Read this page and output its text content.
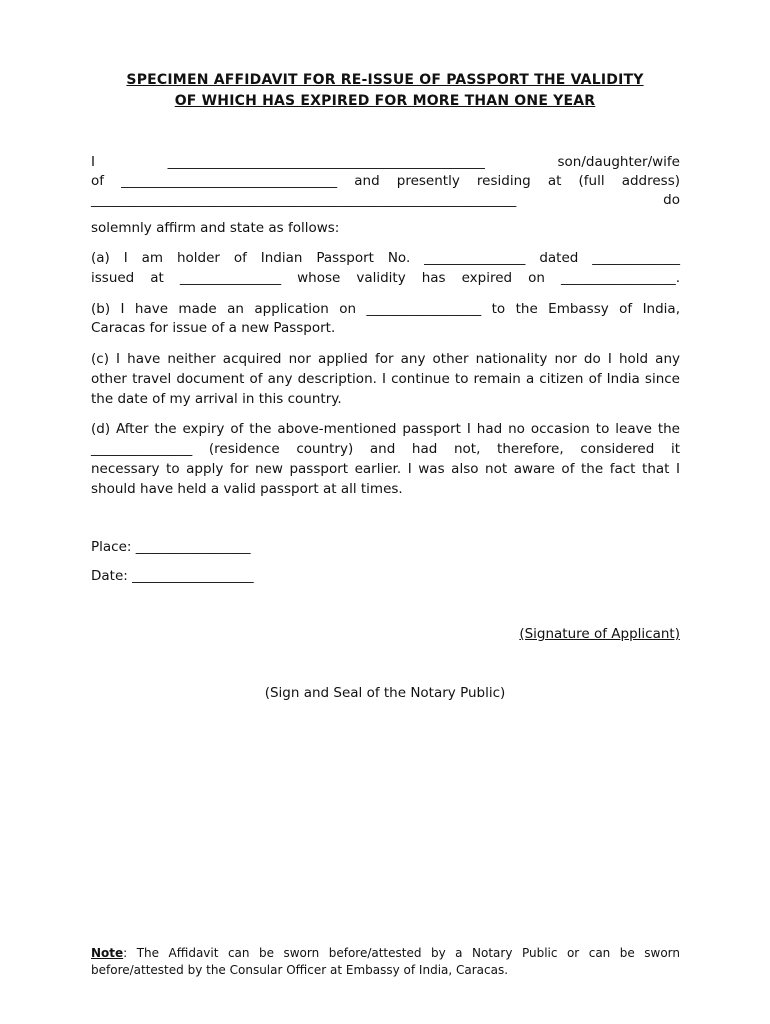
SPECIMEN AFFIDAVIT FOR RE-ISSUE OF PASSPORT THE VALIDITY
OF WHICH HAS EXPIRED FOR MORE THAN ONE YEAR
I _______________________________________________ son/daughter/wife
of ________________________________ and presently residing at (full address)
_______________________________________________________________ do
solemnly affirm and state as follows:
(a) I am holder of Indian Passport No. _______________ dated _____________
issued at _______________ whose validity has expired on _________________.
(b) I have made an application on _________________ to the Embassy of India,
Caracas for issue of a new Passport.
(c) I have neither acquired nor applied for any other nationality nor do I hold any
other travel document of any description. I continue to remain a citizen of India since
the date of my arrival in this country.
(d) After the expiry of the above-mentioned passport I had no occasion to leave the
_______________ (residence country) and had not, therefore, considered it
necessary to apply for new passport earlier. I was also not aware of the fact that I
should have held a valid passport at all times.
Place: _________________
Date: __________________
(Signature of Applicant)
(Sign and Seal of the Notary Public)
Note: The Affidavit can be sworn before/attested by a Notary Public or can be sworn
before/attested by the Consular Officer at Embassy of India, Caracas.
